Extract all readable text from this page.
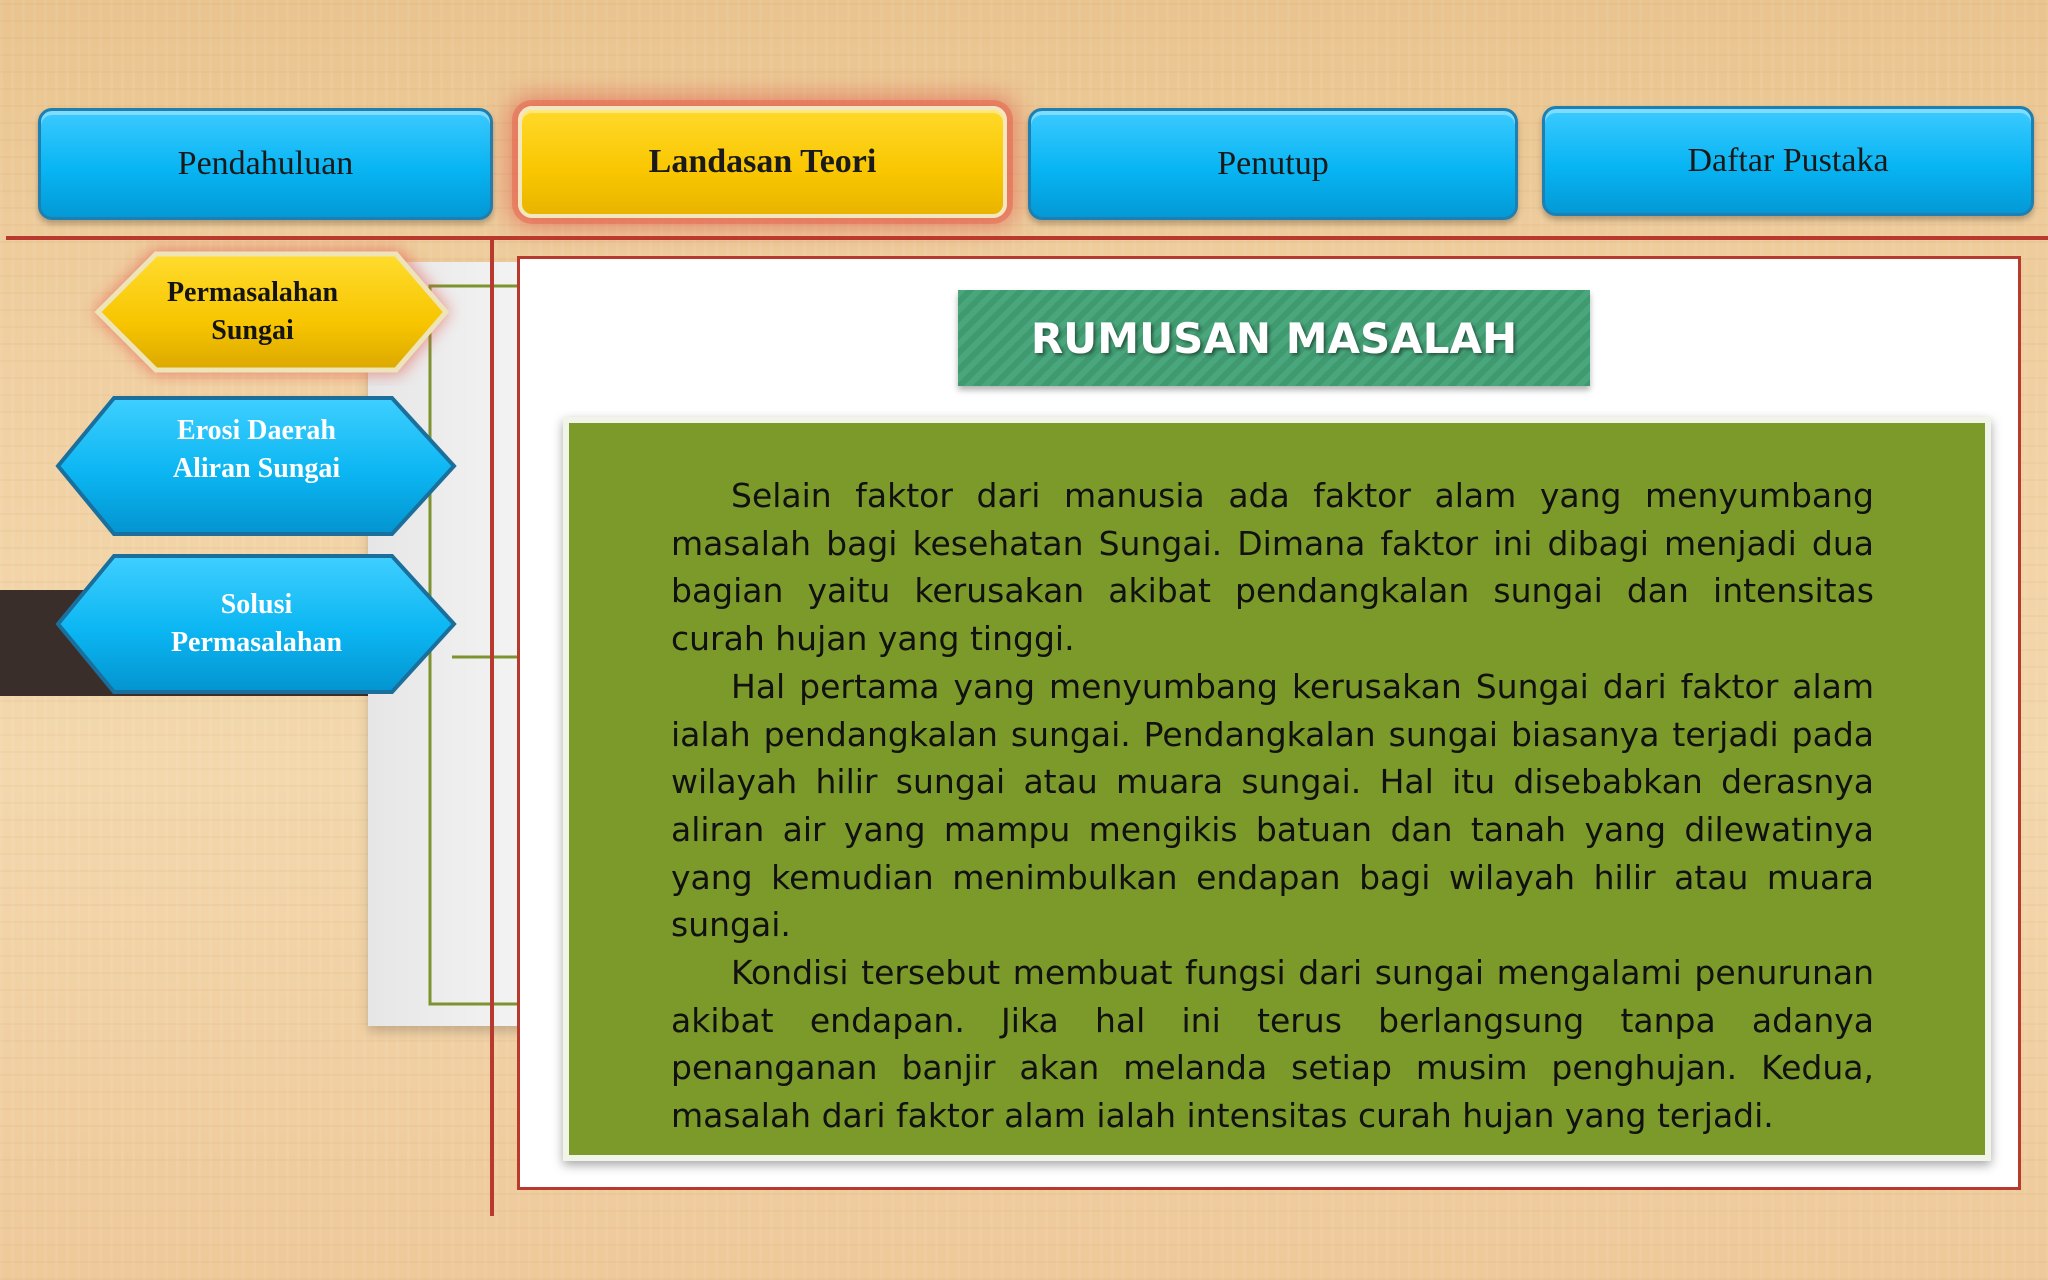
Pendahuluan	Landasan Teori	Penutup	Daftar Pustaka
Permasalahan
Sungai
Erosi Daerah
Aliran Sungai
Solusi
Permasalahan
RUMUSAN MASALAH

Selain faktor dari manusia ada faktor alam yang menyumbang masalah bagi kesehatan Sungai. Dimana faktor ini dibagi menjadi dua bagian yaitu kerusakan akibat pendangkalan sungai dan intensitas curah hujan yang tinggi.

Hal pertama yang menyumbang kerusakan Sungai dari faktor alam ialah pendangkalan sungai. Pendangkalan sungai biasanya terjadi pada wilayah hilir sungai atau muara sungai. Hal itu disebabkan derasnya aliran air yang mampu mengikis batuan dan tanah yang dilewatinya yang kemudian menimbulkan endapan bagi wilayah hilir atau muara sungai.

Kondisi tersebut membuat fungsi dari sungai mengalami penurunan akibat endapan. Jika hal ini terus berlangsung tanpa adanya penanganan banjir akan melanda setiap musim penghujan. Kedua, masalah dari faktor alam ialah intensitas curah hujan yang terjadi.
